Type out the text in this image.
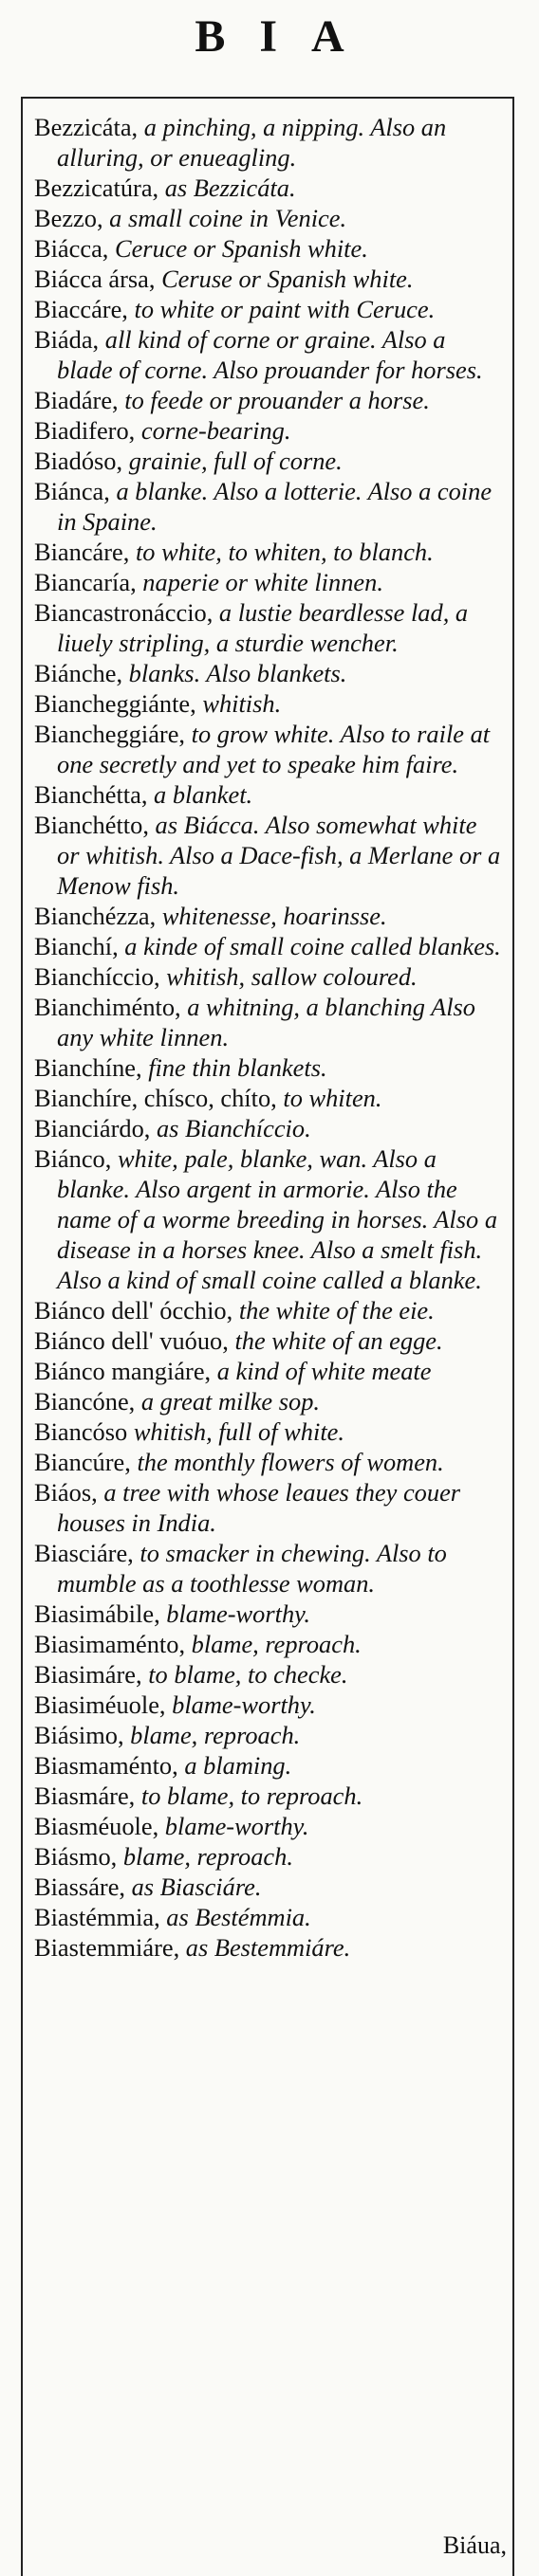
BIA

Bezzicáta, a pinching, a nipping. Also an alluring, or enueagling.

Bezzicatúra, as Bezzicáta.

Bezzo, a small coine in Venice.

Biácca, Ceruce or Spanish white.

Biácca ársa, Ceruse or Spanish white.

Biaccáre, to white or paint with Ceruce.

Biáda, all kind of corne or graine. Also a blade of corne. Also prouander for horses.

Biadáre, to feede or prouander a horse.

Biadifero, corne-bearing.

Biadóso, grainie, full of corne.

Biánca, a blanke. Also a lotterie. Also a coine in Spaine.

Biancáre, to white, to whiten, to blanch.

Biancaría, naperie or white linnen.

Biancastronáccio, a lustie beardlesse lad, a liuely stripling, a sturdie wencher.

Biánche, blanks. Also blankets.

Biancheggiánte, whitish.

Biancheggiáre, to grow white. Also to raile at one secretly and yet to speake him faire.

Bianchétta, a blanket.

Bianchétto, as Biácca. Also somewhat white or whitish. Also a Dace-fish, a Merlane or a Menow fish.

Bianchézza, whitenesse, hoarinsse.

Bianchí, a kinde of small coine called blankes.

Bianchíccio, whitish, sallow coloured.

Bianchiménto, a whitning, a blanching Also any white linnen.

Bianchíne, fine thin blankets.

Bianchíre, chísco, chíto, to whiten.

Bianciárdo, as Bianchíccio.

Biánco, white, pale, blanke, wan. Also a blanke. Also argent in armorie. Also the name of a worme breeding in horses. Also a disease in a horses knee. Also a smelt fish. Also a kind of small coine called a blanke.

Biánco dell' ócchio, the white of the eie.

Biánco dell' vuóuo, the white of an egge.

Biánco mangiáre, a kind of white meate

Biancóne, a great milke sop.

Biancóso whitish, full of white.

Biancúre, the monthly flowers of women.

Biáos, a tree with whose leaues they couer houses in India.

Biasciáre, to smacker in chewing. Also to mumble as a toothlesse woman.

Biasimábile, blame-worthy.

Biasimaménto, blame, reproach.

Biasimáre, to blame, to checke.

Biasiméuole, blame-worthy.

Biásimo, blame, reproach.

Biasmaménto, a blaming.

Biasmáre, to blame, to reproach.

Biasméuole, blame-worthy.

Biásmo, blame, reproach.

Biassáre, as Biasciáre.

Biastémmia, as Bestémmia.

Biastemmiáre, as Bestemmiáre.

Biáua,
